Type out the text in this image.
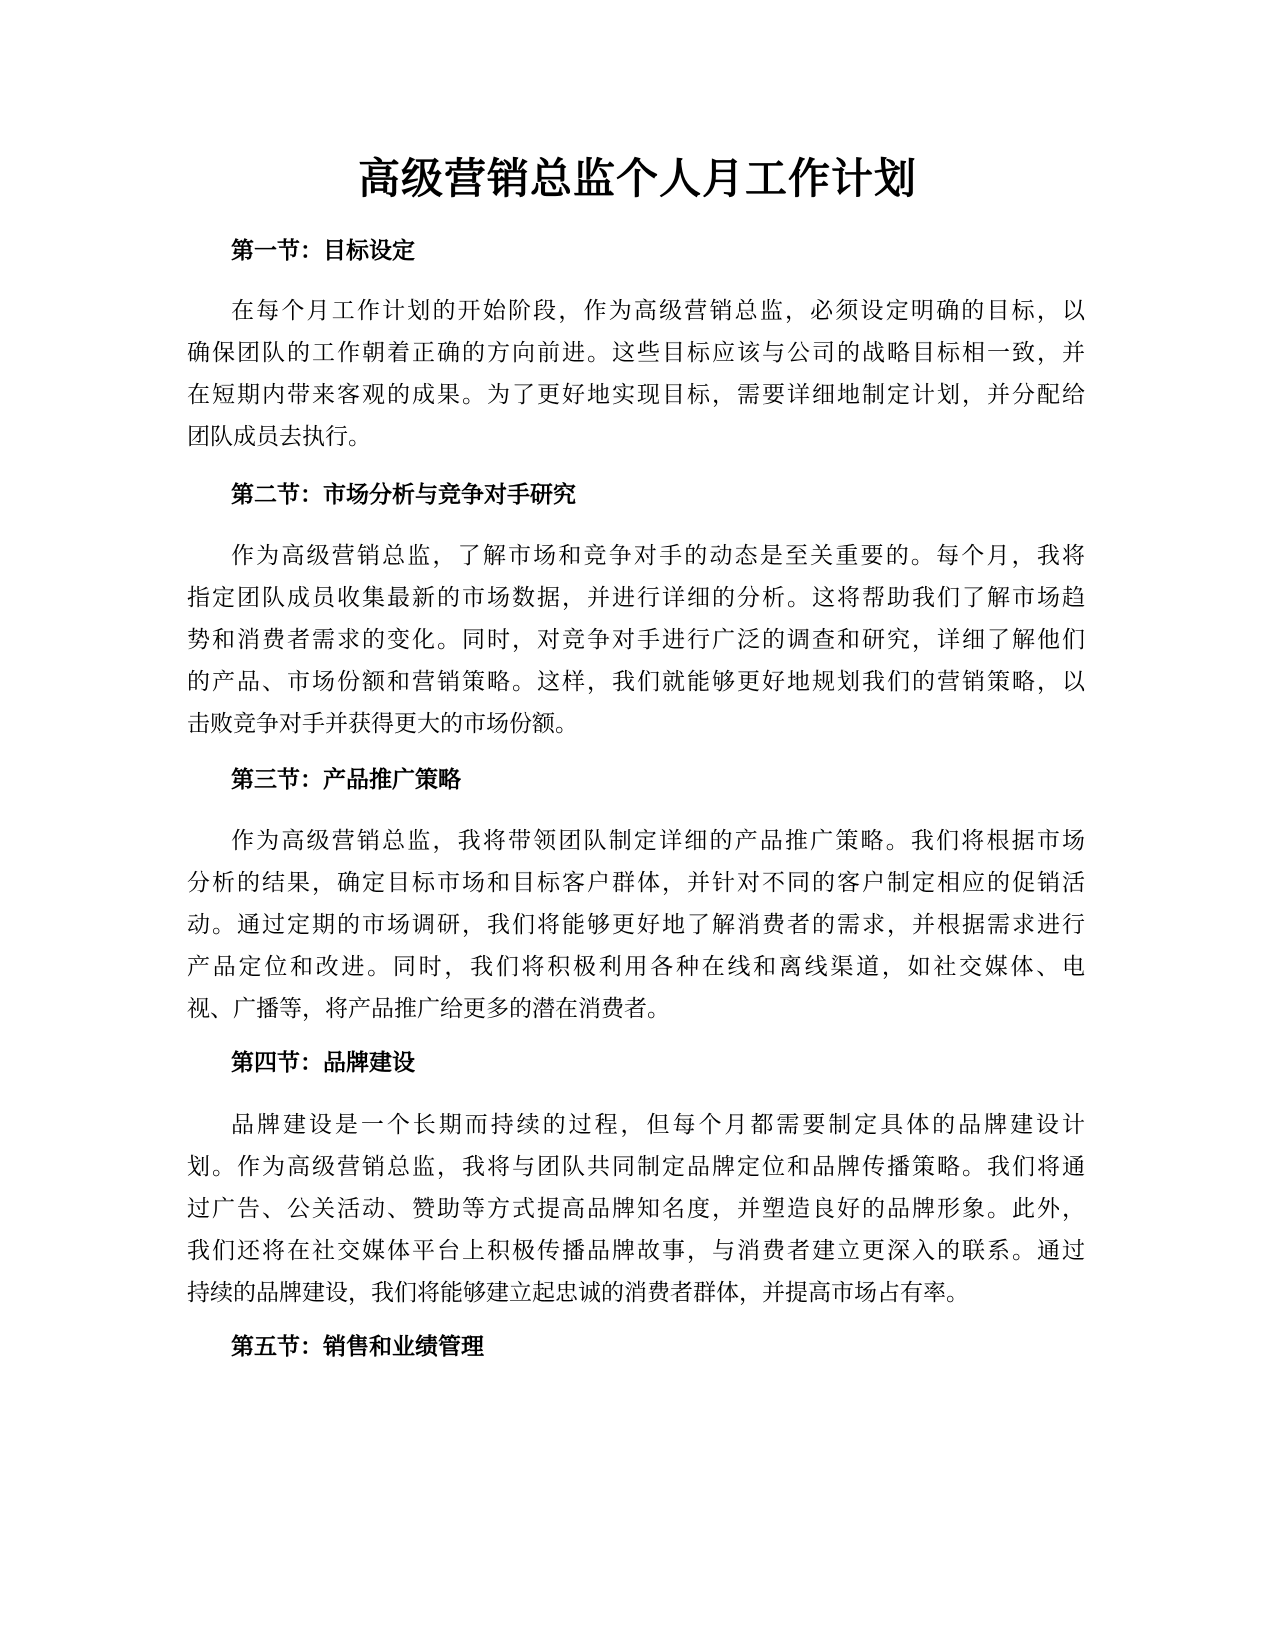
高级营销总监个人月工作计划
第一节：目标设定
在每个月工作计划的开始阶段，作为高级营销总监，必须设定明确的目标，以
确保团队的工作朝着正确的方向前进。这些目标应该与公司的战略目标相一致，并
在短期内带来客观的成果。为了更好地实现目标，需要详细地制定计划，并分配给
团队成员去执行。
第二节：市场分析与竞争对手研究
作为高级营销总监，了解市场和竞争对手的动态是至关重要的。每个月，我将
指定团队成员收集最新的市场数据，并进行详细的分析。这将帮助我们了解市场趋
势和消费者需求的变化。同时，对竞争对手进行广泛的调查和研究，详细了解他们
的产品、市场份额和营销策略。这样，我们就能够更好地规划我们的营销策略，以
击败竞争对手并获得更大的市场份额。
第三节：产品推广策略
作为高级营销总监，我将带领团队制定详细的产品推广策略。我们将根据市场
分析的结果，确定目标市场和目标客户群体，并针对不同的客户制定相应的促销活
动。通过定期的市场调研，我们将能够更好地了解消费者的需求，并根据需求进行
产品定位和改进。同时，我们将积极利用各种在线和离线渠道，如社交媒体、电
视、广播等，将产品推广给更多的潜在消费者。
第四节：品牌建设
品牌建设是一个长期而持续的过程，但每个月都需要制定具体的品牌建设计
划。作为高级营销总监，我将与团队共同制定品牌定位和品牌传播策略。我们将通
过广告、公关活动、赞助等方式提高品牌知名度，并塑造良好的品牌形象。此外，
我们还将在社交媒体平台上积极传播品牌故事，与消费者建立更深入的联系。通过
持续的品牌建设，我们将能够建立起忠诚的消费者群体，并提高市场占有率。
第五节：销售和业绩管理
